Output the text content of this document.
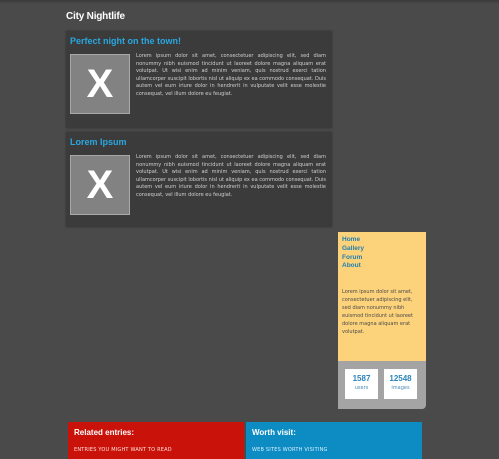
City Nightlife
Perfect night on the town!
X
Lorem ipsum dolor sit amet, consectetuer adipiscing elit, sed diam nonummy nibh euismod tincidunt ut laoreet dolore magna aliquam erat volutpat. Ut wisi enim ad minim veniam, quis nostrud exerci tation ullamcorper suscipit lobortis nisl ut aliquip ex ea commodo consequat. Duis autem vel eum iriure dolor in hendrerit in vulputate velit esse molestie consequat, vel illum dolore eu feugiat.
Lorem Ipsum
X
Lorem ipsum dolor sit amet, consectetuer adipiscing elit, sed diam nonummy nibh euismod tincidunt ut laoreet dolore magna aliquam erat volutpat. Ut wisi enim ad minim veniam, quis nostrud exerci tation ullamcorper suscipit lobortis nisl ut aliquip ex ea commodo consequat. Duis autem vel eum iriure dolor in hendrerit in vulputate velit esse molestie consequat, vel illum dolore eu feugiat.
Home
Gallery
Forum
About
Lorem ipsum dolor sit amet, consectetuer adipiscing elit, sed diam nonummy nibh euismod tincidunt ut laoreet dolore magna aliquam erat volutpat.
1587
users
12548
images
Related entries:
ENTRIES YOU MIGHT WANT TO READ
Worth visit:
WEB SITES WORTH VISITING
